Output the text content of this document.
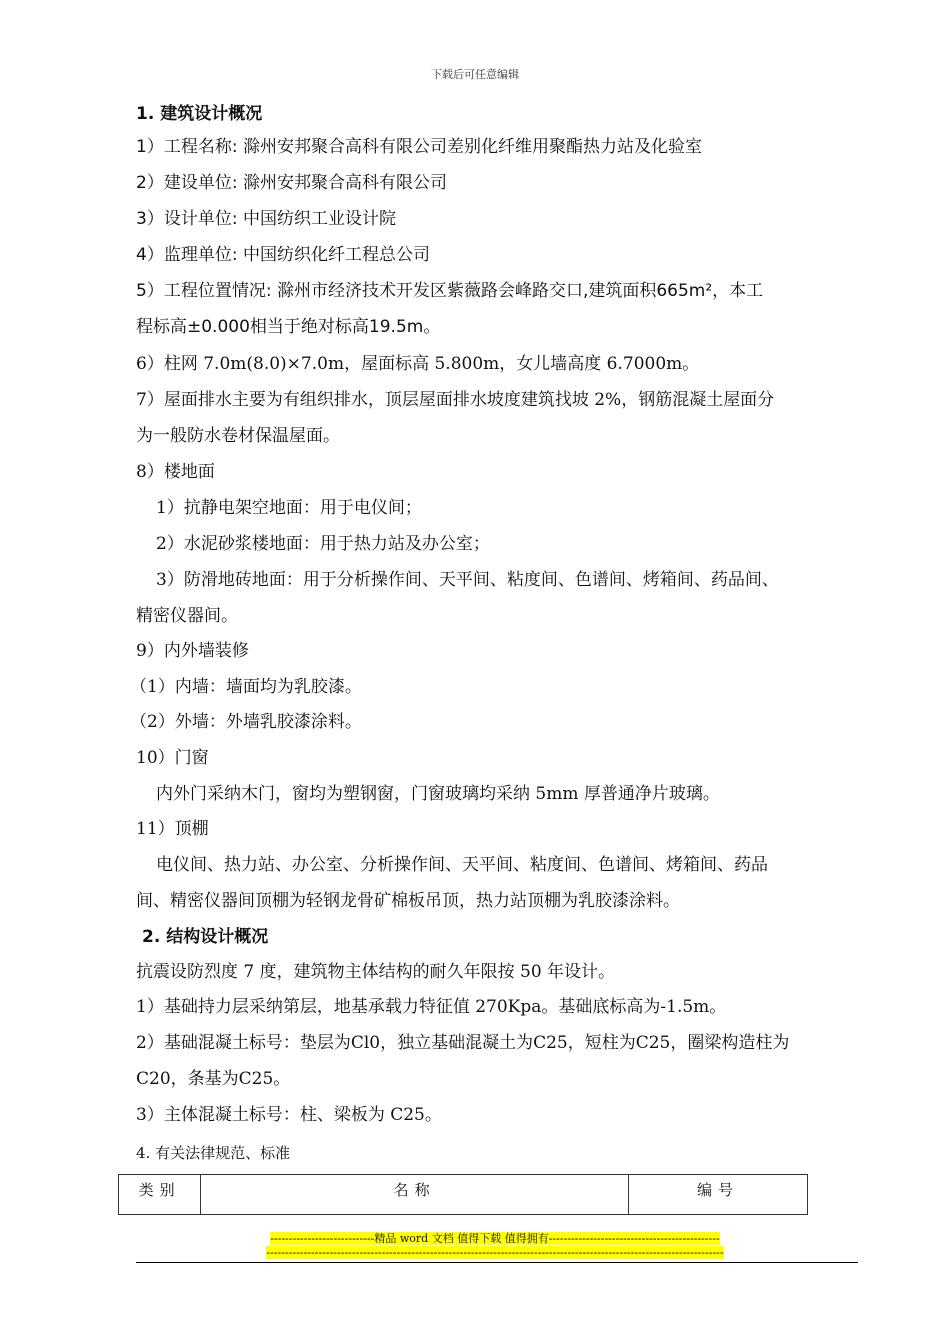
下载后可任意编辑
1. 建筑设计概况
1）工程名称: 滁州安邦聚合高科有限公司差别化纤维用聚酯热力站及化验室
2）建设单位: 滁州安邦聚合高科有限公司
3）设计单位: 中国纺织工业设计院
4）监理单位: 中国纺织化纤工程总公司
5）工程位置情况: 滁州市经济技术开发区紫薇路会峰路交口,建筑面积665m²，本工
程标高±0.000相当于绝对标高19.5m。
6）柱网 7.0m(8.0)×7.0m，屋面标高 5.800m，女儿墙高度 6.7000m。
7）屋面排水主要为有组织排水，顶层屋面排水坡度建筑找坡 2%，钢筋混凝土屋面分
为一般防水卷材保温屋面。
8）楼地面
1）抗静电架空地面：用于电仪间；
2）水泥砂浆楼地面：用于热力站及办公室；
3）防滑地砖地面：用于分析操作间、天平间、粘度间、色谱间、烤箱间、药品间、
精密仪器间。
9）内外墙装修
（1）内墙：墙面均为乳胶漆。
（2）外墙：外墙乳胶漆涂料。
10）门窗
内外门采纳木门，窗均为塑钢窗，门窗玻璃均采纳 5mm 厚普通净片玻璃。
11）顶棚
电仪间、热力站、办公室、分析操作间、天平间、粘度间、色谱间、烤箱间、药品
间、精密仪器间顶棚为轻钢龙骨矿棉板吊顶，热力站顶棚为乳胶漆涂料。
2. 结构设计概况
抗震设防烈度 7 度，建筑物主体结构的耐久年限按 50 年设计。
1）基础持力层采纳第层，地基承载力特征值 270Kpa。基础底标高为-1.5m。
2）基础混凝土标号：垫层为Cl0，独立基础混凝土为C25，短柱为C25，圈梁构造柱为
C20，条基为C25。
3）主体混凝土标号：柱、梁板为 C25。
4. 有关法律规范、标准
类别	名称	编号
----------------------------精品 word 文档 值得下载 值得拥有----------------------------------------------
---------------------------------------------------------------------------------------------------------------------------
